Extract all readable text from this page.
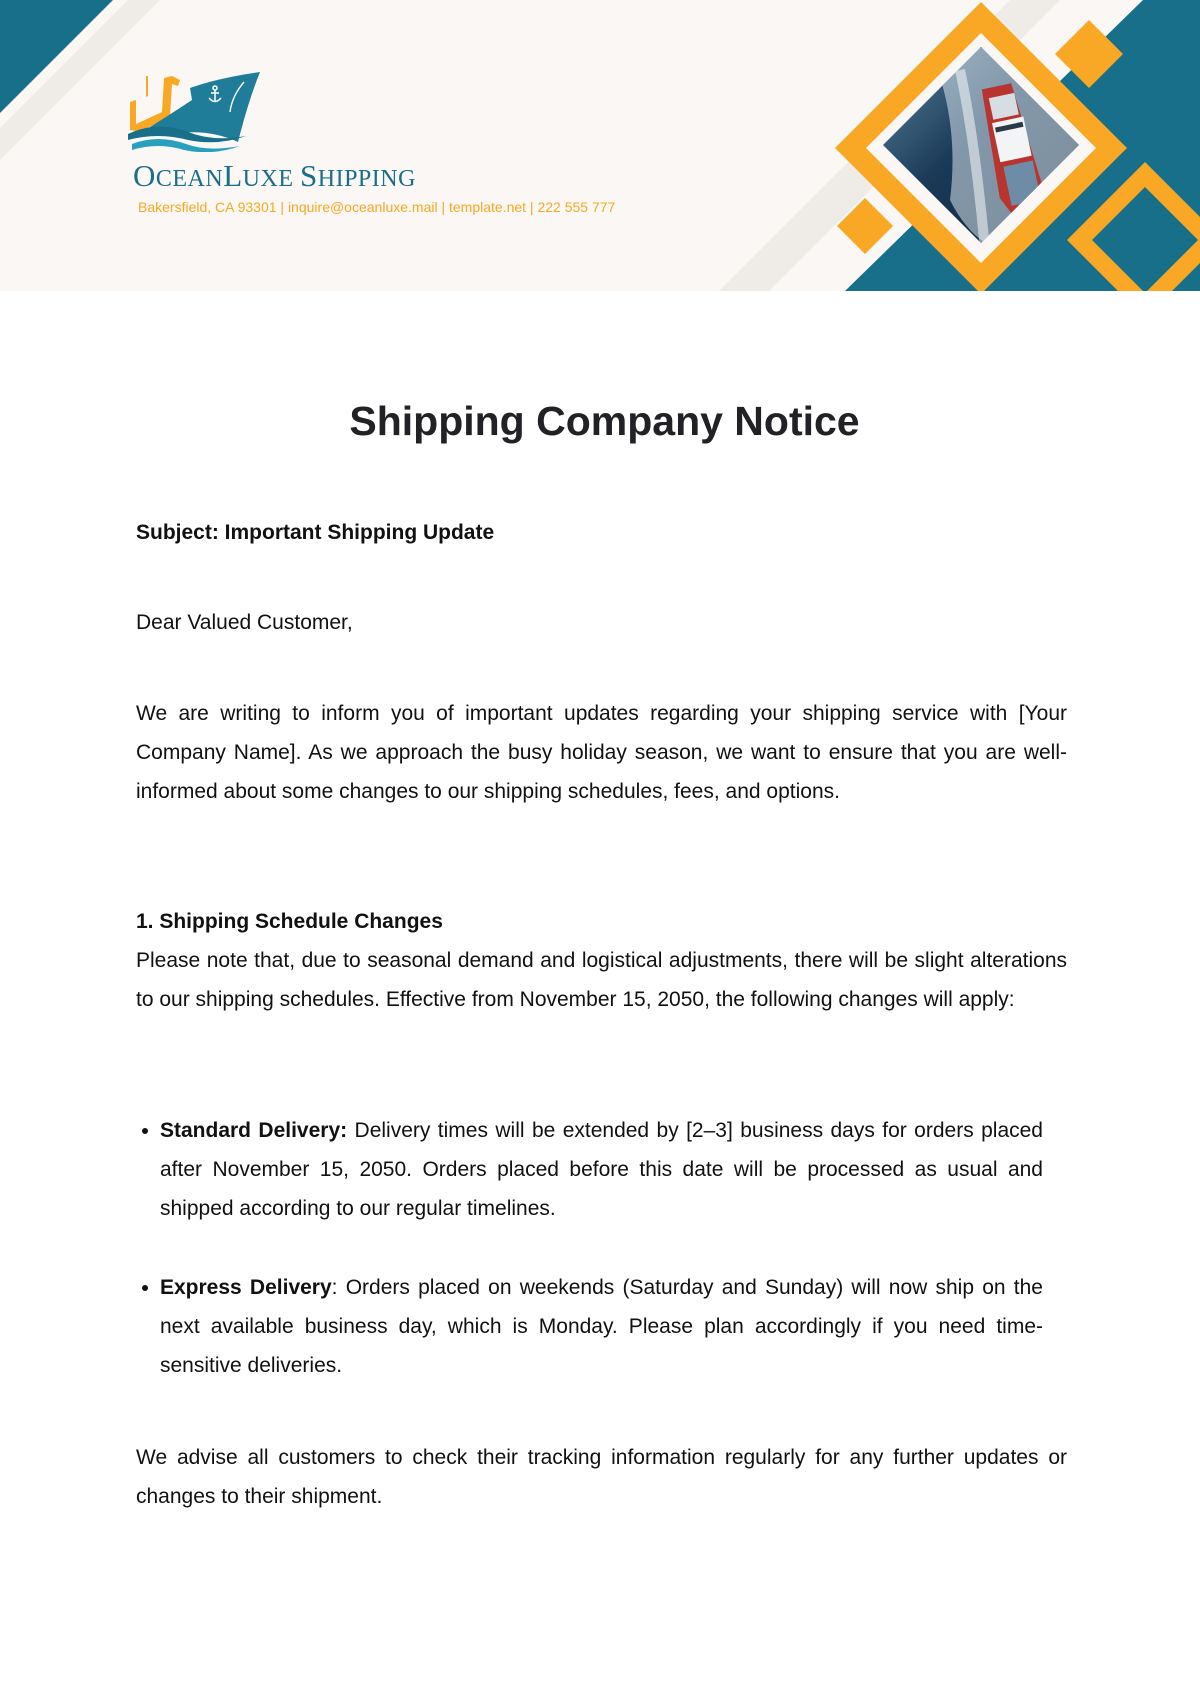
OCEANLUXE SHIPPING
Bakersfield, CA 93301 | inquire@oceanluxe.mail | template.net | 222 555 777
Shipping Company Notice
Subject: Important Shipping Update
Dear Valued Customer,
We are writing to inform you of important updates regarding your shipping service with [Your Company Name]. As we approach the busy holiday season, we want to ensure that you are well-informed about some changes to our shipping schedules, fees, and options.
1. Shipping Schedule Changes
Please note that, due to seasonal demand and logistical adjustments, there will be slight alterations to our shipping schedules. Effective from November 15, 2050, the following changes will apply:
Standard Delivery: Delivery times will be extended by [2–3] business days for orders placed after November 15, 2050. Orders placed before this date will be processed as usual and shipped according to our regular timelines.
Express Delivery: Orders placed on weekends (Saturday and Sunday) will now ship on the next available business day, which is Monday. Please plan accordingly if you need time-sensitive deliveries.
We advise all customers to check their tracking information regularly for any further updates or changes to their shipment.
